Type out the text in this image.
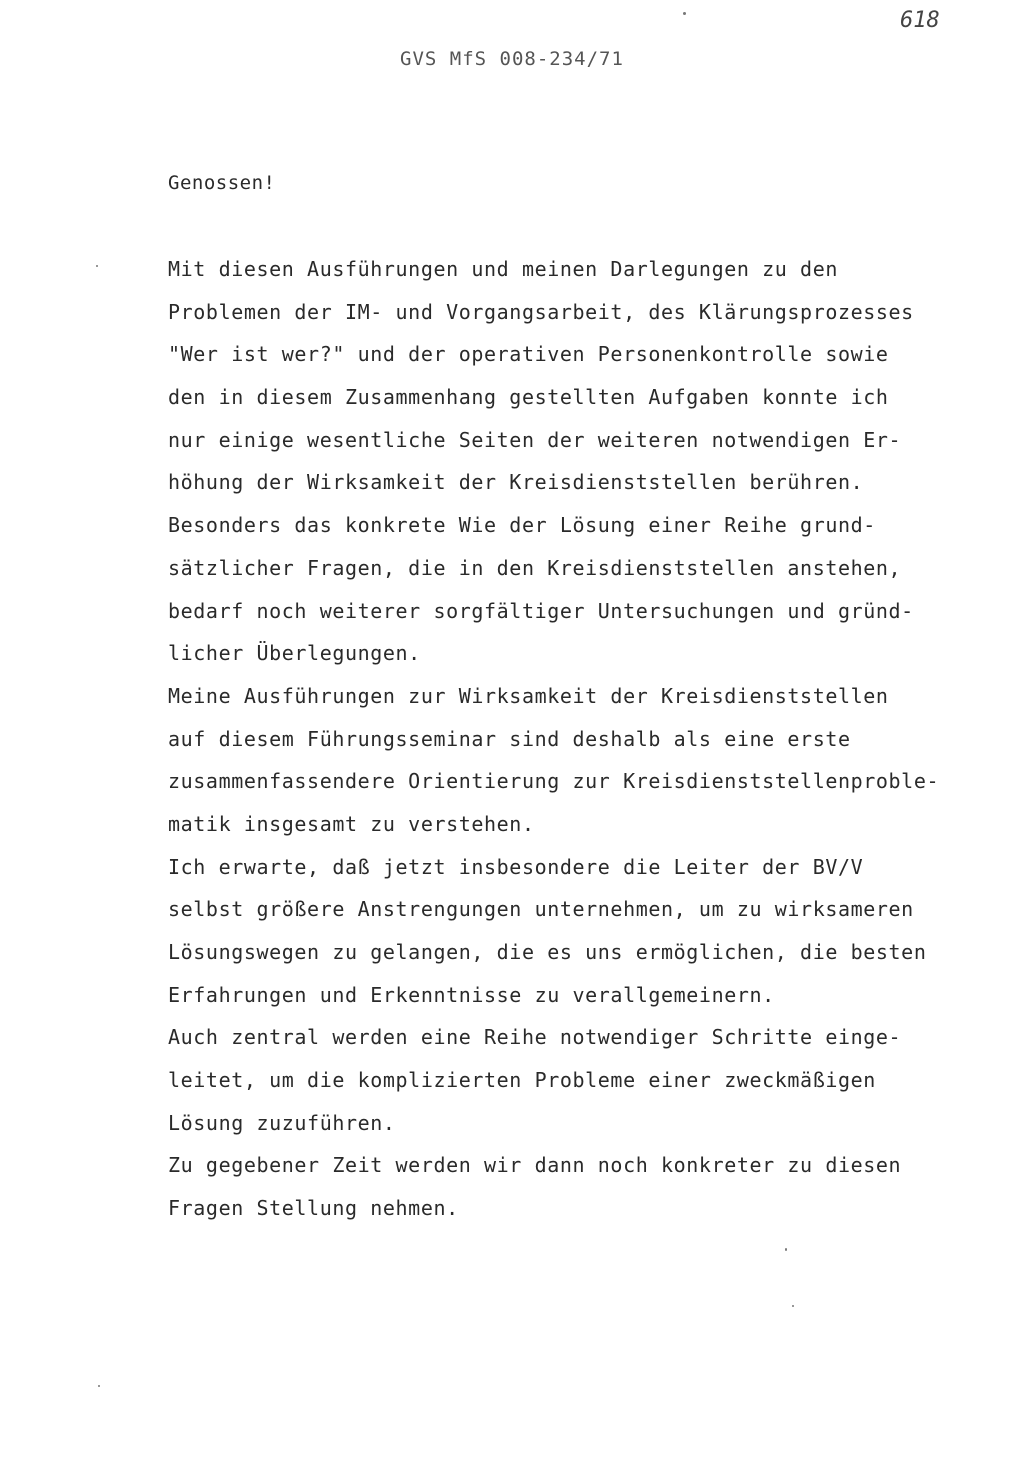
618
GVS MfS 008-234/71
Genossen!
Mit diesen Ausführungen und meinen Darlegungen zu den
Problemen der IM- und Vorgangsarbeit, des Klärungsprozesses
"Wer ist wer?" und der operativen Personenkontrolle sowie
den in diesem Zusammenhang gestellten Aufgaben konnte ich
nur einige wesentliche Seiten der weiteren notwendigen Er-
höhung der Wirksamkeit der Kreisdienststellen berühren.
Besonders das konkrete Wie der Lösung einer Reihe grund-
sätzlicher Fragen, die in den Kreisdienststellen anstehen,
bedarf noch weiterer sorgfältiger Untersuchungen und gründ-
licher Überlegungen.
Meine Ausführungen zur Wirksamkeit der Kreisdienststellen
auf diesem Führungsseminar sind deshalb als eine erste
zusammenfassendere Orientierung zur Kreisdienststellenproble-
matik insgesamt zu verstehen.
Ich erwarte, daß jetzt insbesondere die Leiter der BV/V
selbst größere Anstrengungen unternehmen, um zu wirksameren
Lösungswegen zu gelangen, die es uns ermöglichen, die besten
Erfahrungen und Erkenntnisse zu verallgemeinern.
Auch zentral werden eine Reihe notwendiger Schritte einge-
leitet, um die komplizierten Probleme einer zweckmäßigen
Lösung zuzuführen.
Zu gegebener Zeit werden wir dann noch konkreter zu diesen
Fragen Stellung nehmen.
